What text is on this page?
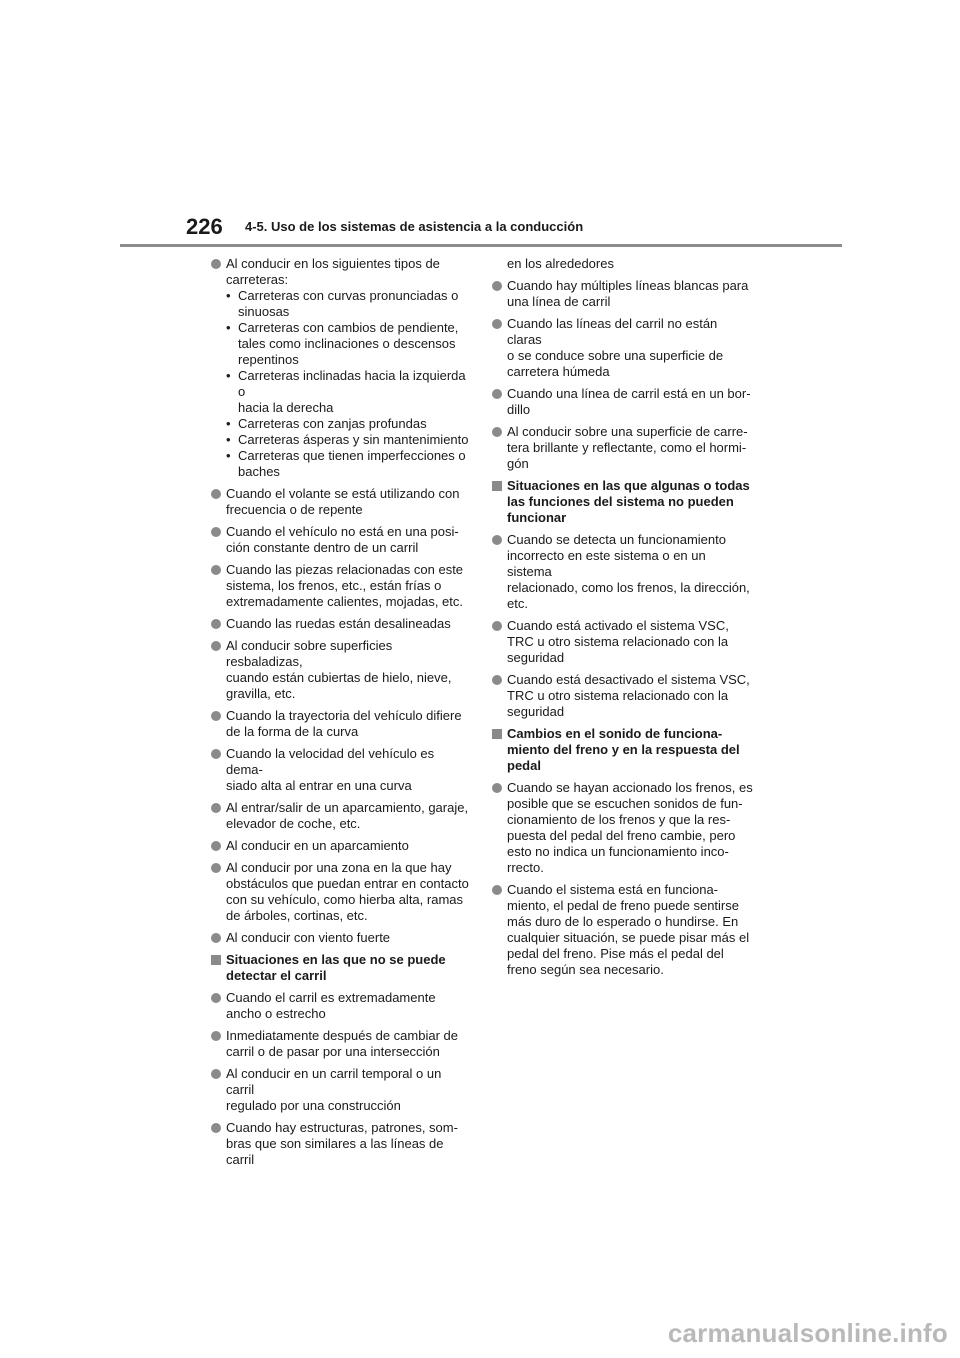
226 4-5. Uso de los sistemas de asistencia a la conducción
Al conducir en los siguientes tipos de
carreteras:
• Carreteras con curvas pronunciadas o
sinuosas
• Carreteras con cambios de pendiente,
tales como inclinaciones o descensos
repentinos
• Carreteras inclinadas hacia la izquierda o
hacia la derecha
• Carreteras con zanjas profundas
• Carreteras ásperas y sin mantenimiento
• Carreteras que tienen imperfecciones o
baches
Cuando el volante se está utilizando con
frecuencia o de repente
Cuando el vehículo no está en una posi-
ción constante dentro de un carril
Cuando las piezas relacionadas con este
sistema, los frenos, etc., están frías o
extremadamente calientes, mojadas, etc.
Cuando las ruedas están desalineadas
Al conducir sobre superficies resbaladizas,
cuando están cubiertas de hielo, nieve,
gravilla, etc.
Cuando la trayectoria del vehículo difiere
de la forma de la curva
Cuando la velocidad del vehículo es dema-
siado alta al entrar en una curva
Al entrar/salir de un aparcamiento, garaje,
elevador de coche, etc.
Al conducir en un aparcamiento
Al conducir por una zona en la que hay
obstáculos que puedan entrar en contacto
con su vehículo, como hierba alta, ramas
de árboles, cortinas, etc.
Al conducir con viento fuerte
Situaciones en las que no se puede
detectar el carril
Cuando el carril es extremadamente
ancho o estrecho
Inmediatamente después de cambiar de
carril o de pasar por una intersección
Al conducir en un carril temporal o un carril
regulado por una construcción
Cuando hay estructuras, patrones, som-
bras que son similares a las líneas de carril
en los alrededores
Cuando hay múltiples líneas blancas para
una línea de carril
Cuando las líneas del carril no están claras
o se conduce sobre una superficie de
carretera húmeda
Cuando una línea de carril está en un bor-
dillo
Al conducir sobre una superficie de carre-
tera brillante y reflectante, como el hormi-
gón
Situaciones en las que algunas o todas
las funciones del sistema no pueden
funcionar
Cuando se detecta un funcionamiento
incorrecto en este sistema o en un sistema
relacionado, como los frenos, la dirección,
etc.
Cuando está activado el sistema VSC,
TRC u otro sistema relacionado con la
seguridad
Cuando está desactivado el sistema VSC,
TRC u otro sistema relacionado con la
seguridad
Cambios en el sonido de funciona-
miento del freno y en la respuesta del
pedal
Cuando se hayan accionado los frenos, es
posible que se escuchen sonidos de fun-
cionamiento de los frenos y que la res-
puesta del pedal del freno cambie, pero
esto no indica un funcionamiento inco-
rrecto.
Cuando el sistema está en funciona-
miento, el pedal de freno puede sentirse
más duro de lo esperado o hundirse. En
cualquier situación, se puede pisar más el
pedal del freno. Pise más el pedal del
freno según sea necesario.
carmanualsonline.info
